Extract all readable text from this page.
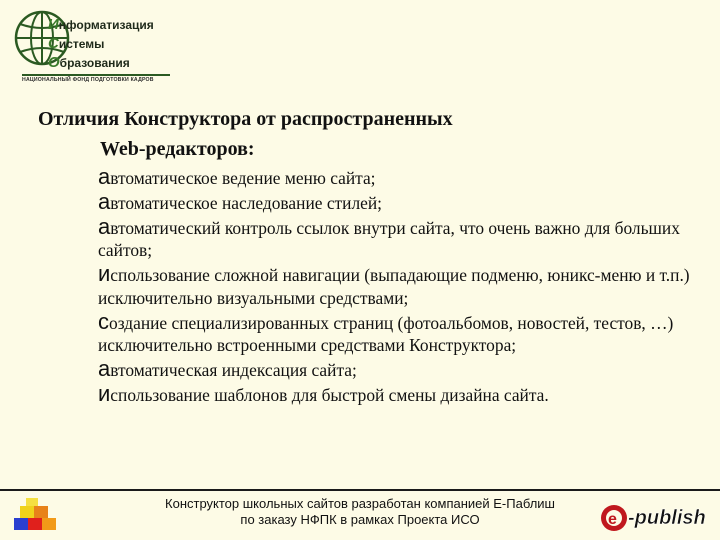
Информатизация
Системы
Образования
НАЦИОНАЛЬНЫЙ ФОНД ПОДГОТОВКИ КАДРОВ
Отличия Конструктора от распространенных
Web-редакторов:
автоматическое ведение меню сайта;
автоматическое наследование стилей;
автоматический контроль ссылок внутри сайта, что очень важно для больших сайтов;
использование сложной навигации (выпадающие подменю, юникс-меню и т.п.) исключительно визуальными средствами;
создание специализированных страниц (фотоальбомов, новостей, тестов, …) исключительно встроенными средствами Конструктора;
автоматическая индексация сайта;
использование шаблонов для быстрой смены дизайна сайта.
Конструктор школьных сайтов разработан компанией Е-Паблиш
по заказу НФПК в рамках Проекта ИСО	e -publish
